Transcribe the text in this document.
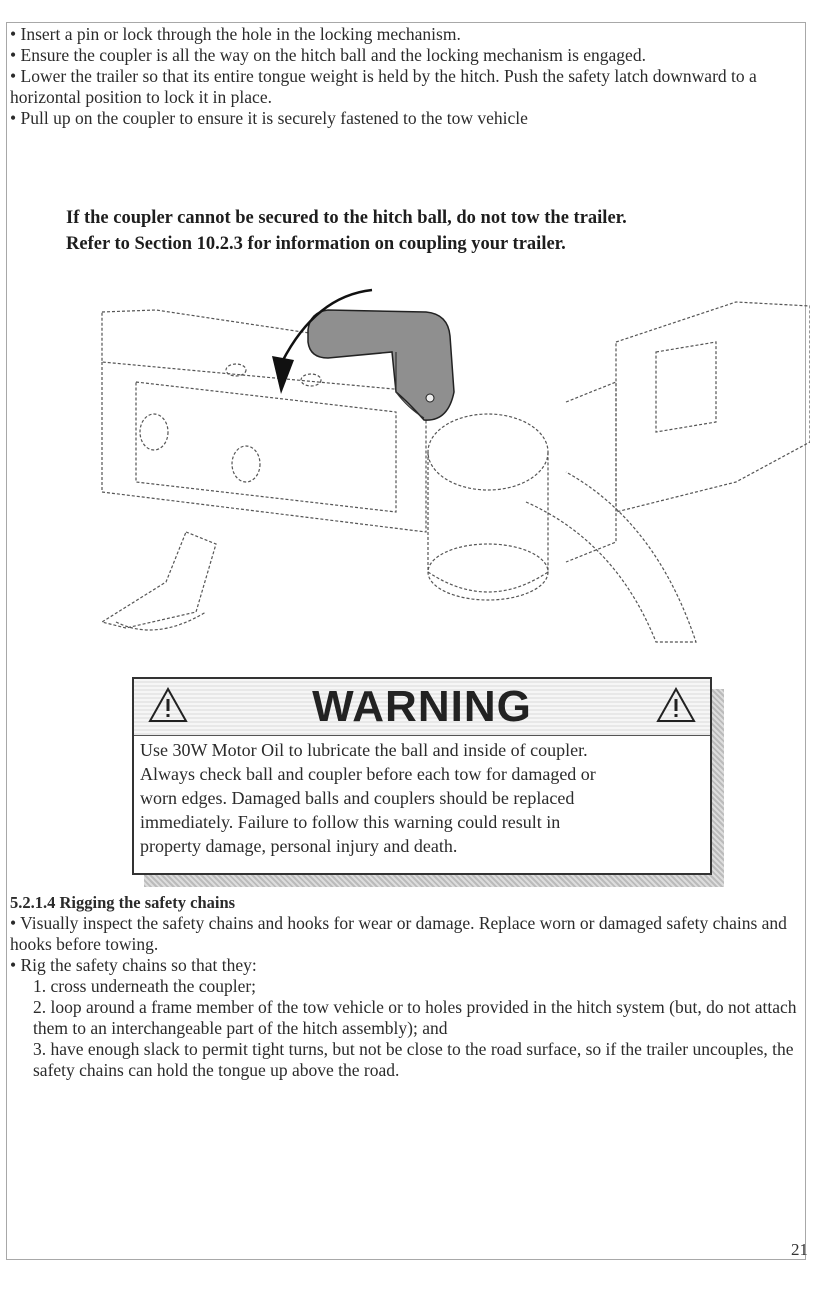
• Insert a pin or lock through the hole in the locking mechanism.

• Ensure the coupler is all the way on the hitch ball and the locking mechanism is engaged.

• Lower the trailer so that its entire tongue weight is held by the hitch. Push the safety latch downward to a horizontal position to lock it in place.

• Pull up on the coupler to ensure it is securely fastened to the tow vehicle

If the coupler cannot be secured to the hitch ball, do not tow the trailer.
Refer to Section 10.2.3 for information on coupling your trailer.
WARNING
Use 30W Motor Oil to lubricate the ball and inside of coupler.
Always check ball and coupler before each tow for damaged or
worn edges. Damaged balls and couplers should be replaced
immediately. Failure to follow this warning could result in
property damage, personal injury and death.

5.2.1.4 Rigging the safety chains

• Visually inspect the safety chains and hooks for wear or damage. Replace worn or damaged safety chains and hooks before towing.

• Rig the safety chains so that they:

1. cross underneath the coupler;

2. loop around a frame member of the tow vehicle or to holes provided in the hitch system (but, do not attach them to an interchangeable part of the hitch assembly); and

3. have enough slack to permit tight turns, but not be close to the road surface, so if the trailer uncouples, the safety chains can hold the tongue up above the road.

21
